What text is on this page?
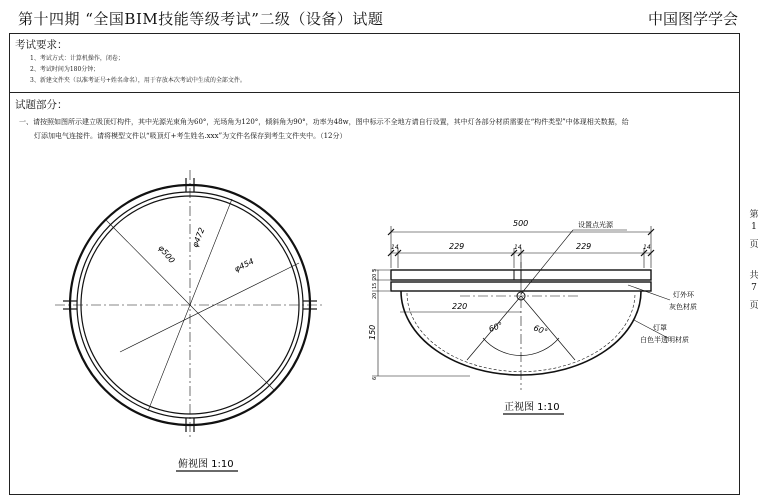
第十四期 “全国BIM技能等级考试”二级（设备）试题	中国图学学会
考试要求：
1、考试方式：计算机操作，闭卷；
2、考试时间为180分钟；
3、新建文件夹（以准考证号+姓名命名），用于存放本次考试中生成的全部文件。
试题部分：
一、请按照如图所示建立吸顶灯构件，其中光源光束角为60°，光场角为120°，倾斜角为90°，功率为48w，图中标示不全地方请自行设置，其中灯各部分材质需要在“构件类型”中体现相关数据，给
灯添加电气连接件。请将模型文件以“吸顶灯+考生姓名.xxx”为文件名保存到考生文件夹中。（12分）
第
1
页
共
7
页
φ500
φ472
φ454
俯视图 1:10
500
229	229
14	14	14
220
150
5
20
15
20
6
60°	60°
设置点光源
灯外环
灰色材质
灯罩
白色半透明材质
正视图 1:10
